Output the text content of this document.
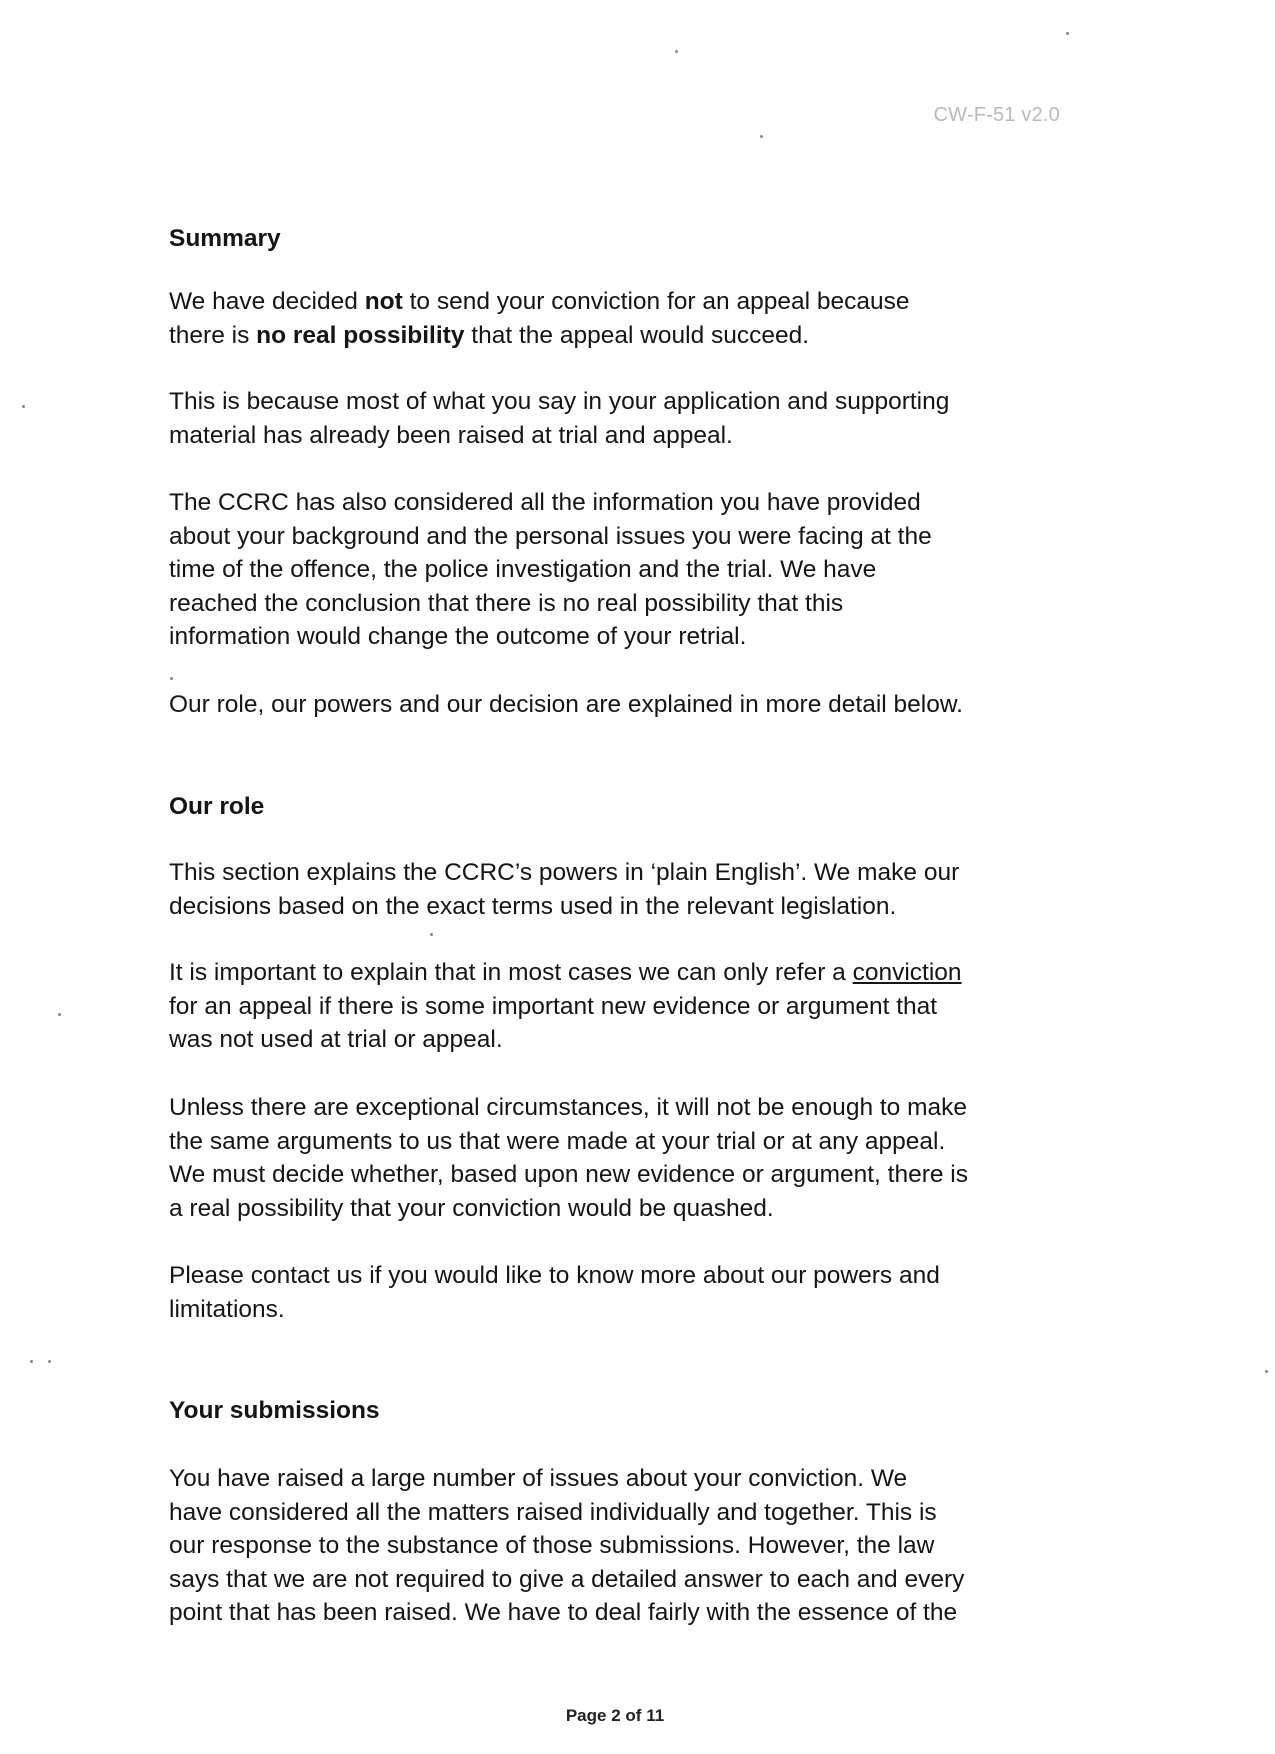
CW-F-51 v2.0
Summary
We have decided not to send your conviction for an appeal because
there is no real possibility that the appeal would succeed.
This is because most of what you say in your application and supporting
material has already been raised at trial and appeal.
The CCRC has also considered all the information you have provided
about your background and the personal issues you were facing at the
time of the offence, the police investigation and the trial. We have
reached the conclusion that there is no real possibility that this
information would change the outcome of your retrial.
Our role, our powers and our decision are explained in more detail below.
Our role
This section explains the CCRC’s powers in ‘plain English’. We make our
decisions based on the exact terms used in the relevant legislation.
It is important to explain that in most cases we can only refer a conviction
for an appeal if there is some important new evidence or argument that
was not used at trial or appeal.
Unless there are exceptional circumstances, it will not be enough to make
the same arguments to us that were made at your trial or at any appeal.
We must decide whether, based upon new evidence or argument, there is
a real possibility that your conviction would be quashed.
Please contact us if you would like to know more about our powers and
limitations.
Your submissions
You have raised a large number of issues about your conviction. We
have considered all the matters raised individually and together. This is
our response to the substance of those submissions. However, the law
says that we are not required to give a detailed answer to each and every
point that has been raised. We have to deal fairly with the essence of the
Page 2 of 11
